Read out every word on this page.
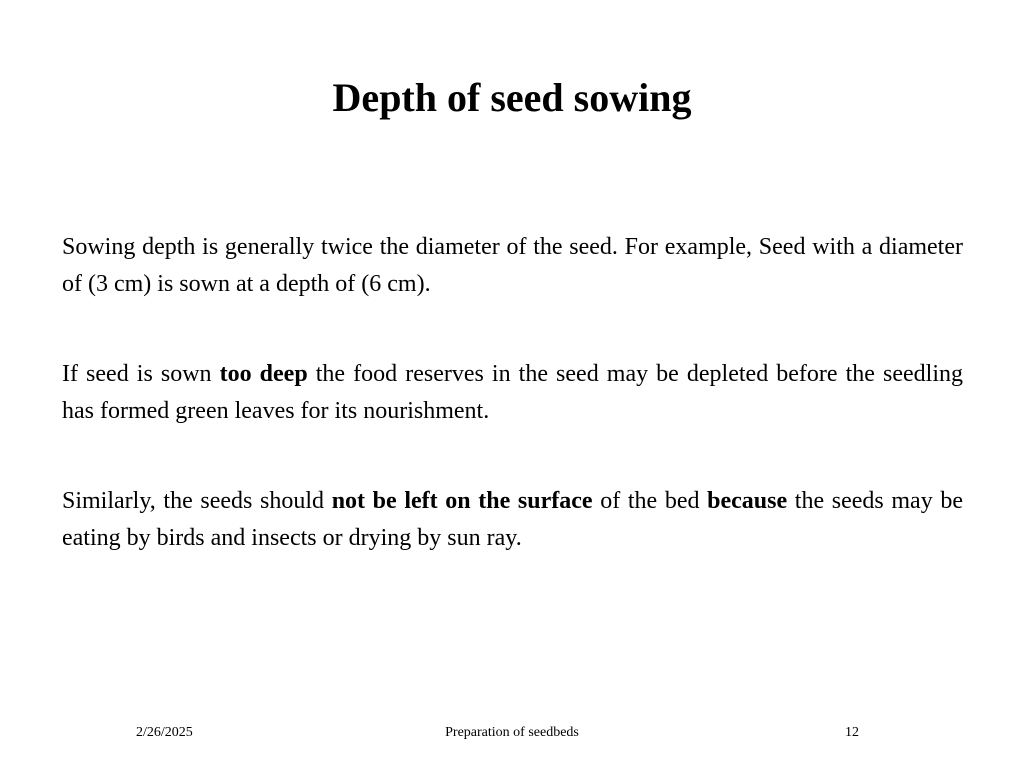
Depth of seed sowing

Sowing depth is generally twice the diameter of the seed. For example, Seed with a diameter of (3 cm) is sown at a depth of (6 cm).

If seed is sown too deep the food reserves in the seed may be depleted before the seedling has formed green leaves for its nourishment.

Similarly, the seeds should not be left on the surface of the bed because the seeds may be eating by birds and insects or drying by sun ray.

2/26/2025	Preparation of seedbeds	12
